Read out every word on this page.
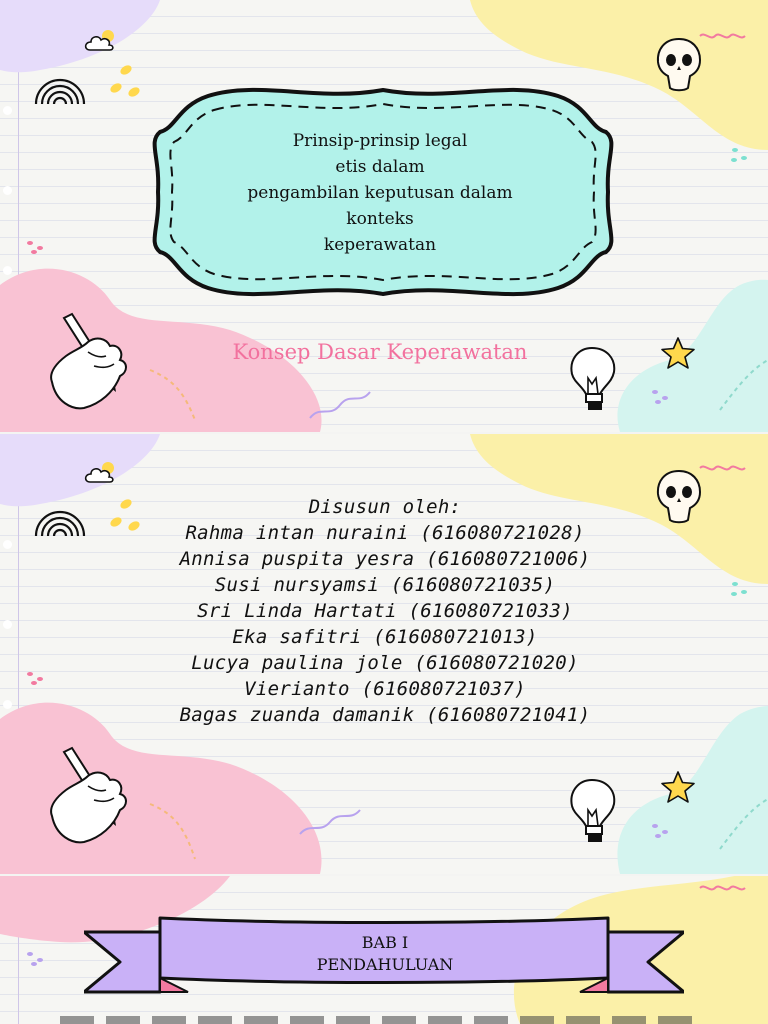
Prinsip-prinsip legal
etis dalam
pengambilan keputusan dalam
konteks
keperawatan
Konsep Dasar Keperawatan
Disusun oleh:
Rahma intan nuraini (616080721028)
Annisa puspita yesra (616080721006)
Susi nursyamsi (616080721035)
Sri Linda Hartati (616080721033)
Eka safitri (616080721013)
Lucya paulina jole (616080721020)
Vierianto (616080721037)
Bagas zuanda damanik (616080721041)
BAB I
PENDAHULUAN
